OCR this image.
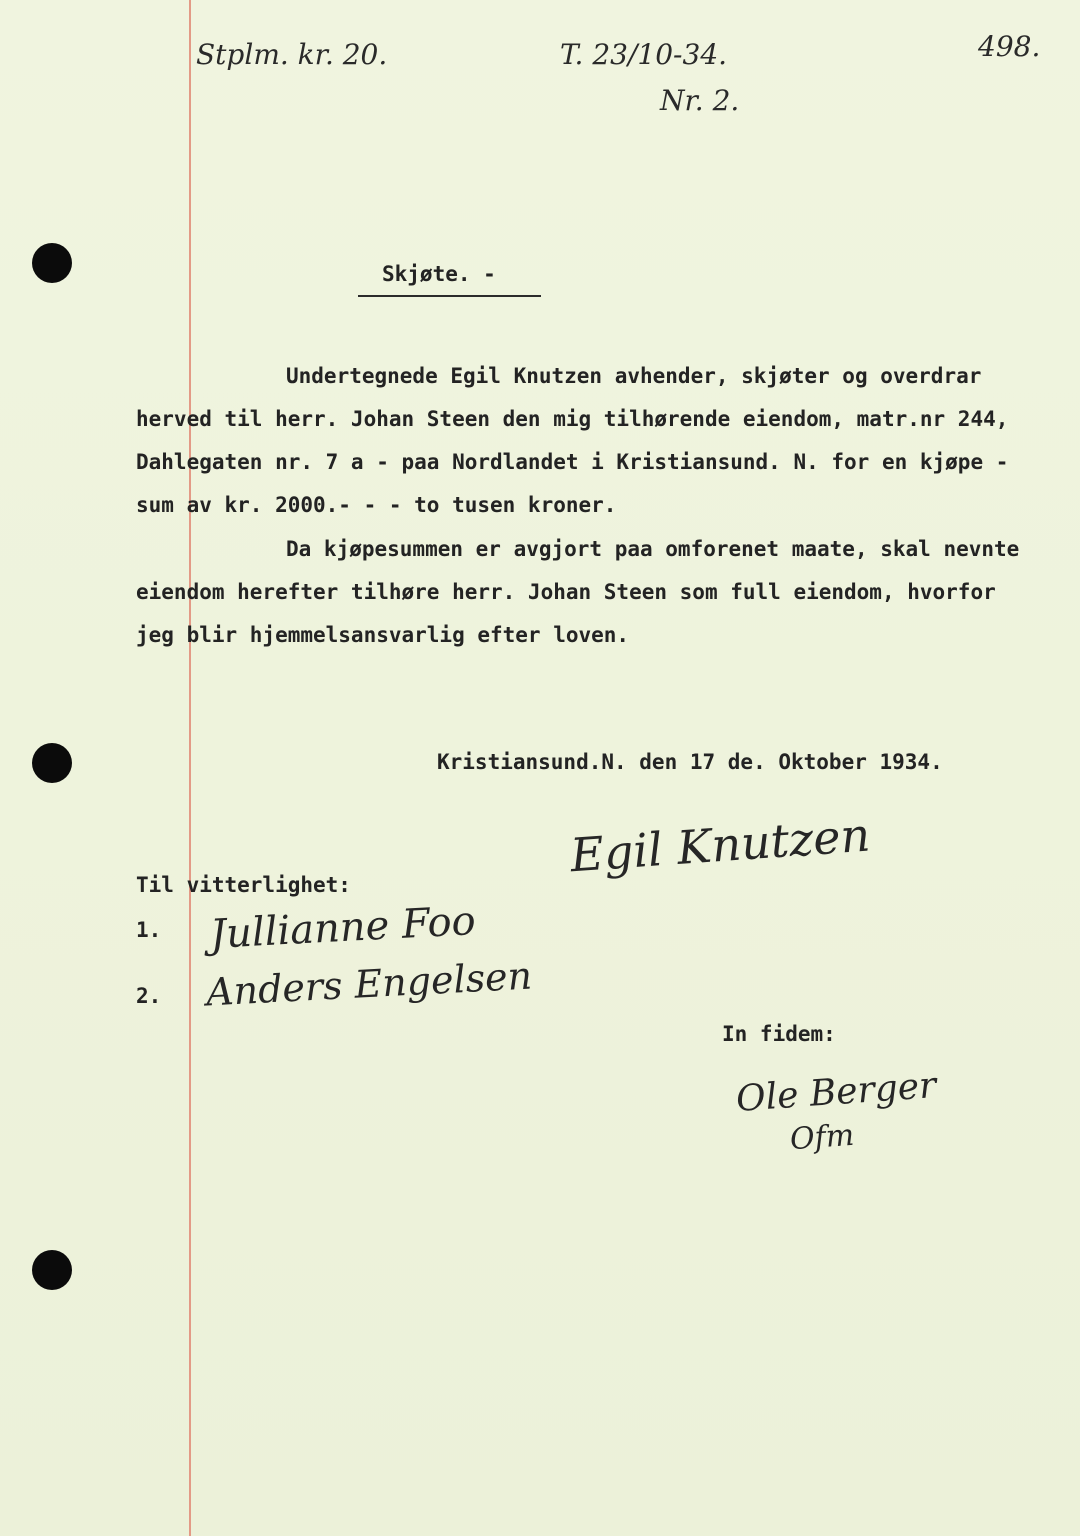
Stplm. kr. 20.	T. 23/10-34.
Nr. 2.
498.
Skjøte. -
Undertegnede Egil Knutzen avhender, skjøter og overdrar
herved til herr. Johan Steen den mig tilhørende eiendom, matr.nr 244,
Dahlegaten nr. 7 a - paa Nordlandet i Kristiansund. N. for en kjøpe -
sum av kr. 2000.- - - to tusen kroner.
Da kjøpesummen er avgjort paa omforenet maate, skal nevnte
eiendom herefter tilhøre herr. Johan Steen som full eiendom, hvorfor
jeg blir hjemmelsansvarlig efter loven.
Kristiansund.N. den 17 de. Oktober 1934.
Egil Knutzen
Til vitterlighet:
1. Jullianne Foo
2. Anders Engelsen
In fidem:
Ole Berger
Ofm
